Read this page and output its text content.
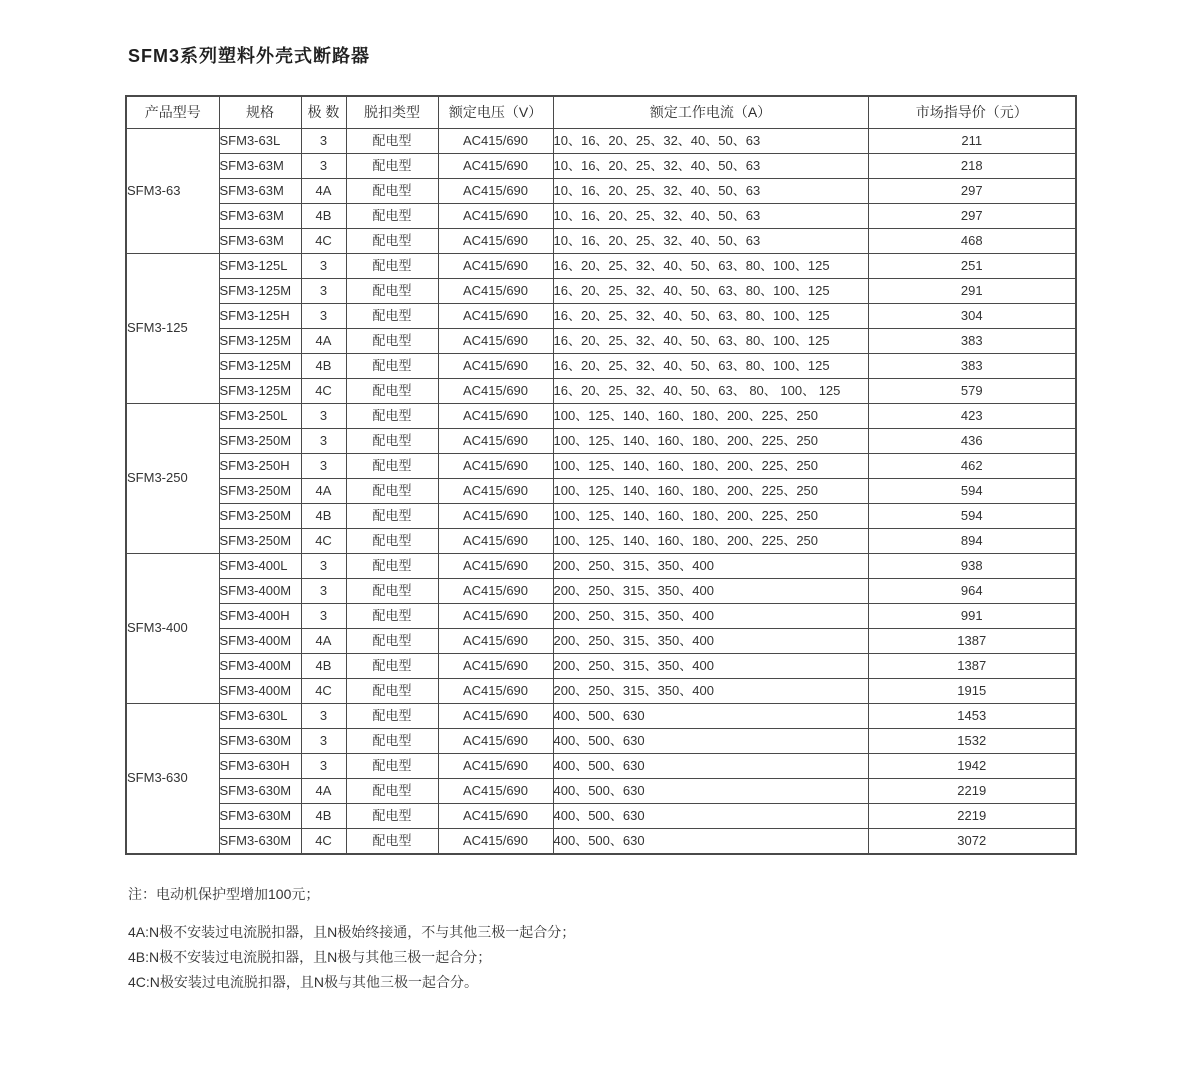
SFM3系列塑料外壳式断路器
产品型号	规格	极 数	脱扣类型	额定电压（V）	额定工作电流（A）	市场指导价（元）
SFM3-63	SFM3-63L	3	配电型	AC415/690	10、16、20、25、32、40、50、63	211
	SFM3-63M	3	配电型	AC415/690	10、16、20、25、32、40、50、63	218
	SFM3-63M	4A	配电型	AC415/690	10、16、20、25、32、40、50、63	297
	SFM3-63M	4B	配电型	AC415/690	10、16、20、25、32、40、50、63	297
	SFM3-63M	4C	配电型	AC415/690	10、16、20、25、32、40、50、63	468
SFM3-125	SFM3-125L	3	配电型	AC415/690	16、20、25、32、40、50、63、80、100、125	251
	SFM3-125M	3	配电型	AC415/690	16、20、25、32、40、50、63、80、100、125	291
	SFM3-125H	3	配电型	AC415/690	16、20、25、32、40、50、63、80、100、125	304
	SFM3-125M	4A	配电型	AC415/690	16、20、25、32、40、50、63、80、100、125	383
	SFM3-125M	4B	配电型	AC415/690	16、20、25、32、40、50、63、80、100、125	383
	SFM3-125M	4C	配电型	AC415/690	16、20、25、32、40、50、63、 80、 100、 125	579
SFM3-250	SFM3-250L	3	配电型	AC415/690	100、125、140、160、180、200、225、250	423
	SFM3-250M	3	配电型	AC415/690	100、125、140、160、180、200、225、250	436
	SFM3-250H	3	配电型	AC415/690	100、125、140、160、180、200、225、250	462
	SFM3-250M	4A	配电型	AC415/690	100、125、140、160、180、200、225、250	594
	SFM3-250M	4B	配电型	AC415/690	100、125、140、160、180、200、225、250	594
	SFM3-250M	4C	配电型	AC415/690	100、125、140、160、180、200、225、250	894
SFM3-400	SFM3-400L	3	配电型	AC415/690	200、250、315、350、400	938
	SFM3-400M	3	配电型	AC415/690	200、250、315、350、400	964
	SFM3-400H	3	配电型	AC415/690	200、250、315、350、400	991
	SFM3-400M	4A	配电型	AC415/690	200、250、315、350、400	1387
	SFM3-400M	4B	配电型	AC415/690	200、250、315、350、400	1387
	SFM3-400M	4C	配电型	AC415/690	200、250、315、350、400	1915
SFM3-630	SFM3-630L	3	配电型	AC415/690	400、500、630	1453
	SFM3-630M	3	配电型	AC415/690	400、500、630	1532
	SFM3-630H	3	配电型	AC415/690	400、500、630	1942
	SFM3-630M	4A	配电型	AC415/690	400、500、630	2219
	SFM3-630M	4B	配电型	AC415/690	400、500、630	2219
	SFM3-630M	4C	配电型	AC415/690	400、500、630	3072

注：电动机保护型增加100元；

4A:N极不安装过电流脱扣器，且N极始终接通，不与其他三极一起合分；

4B:N极不安装过电流脱扣器，且N极与其他三极一起合分；

4C:N极安装过电流脱扣器，且N极与其他三极一起合分。
